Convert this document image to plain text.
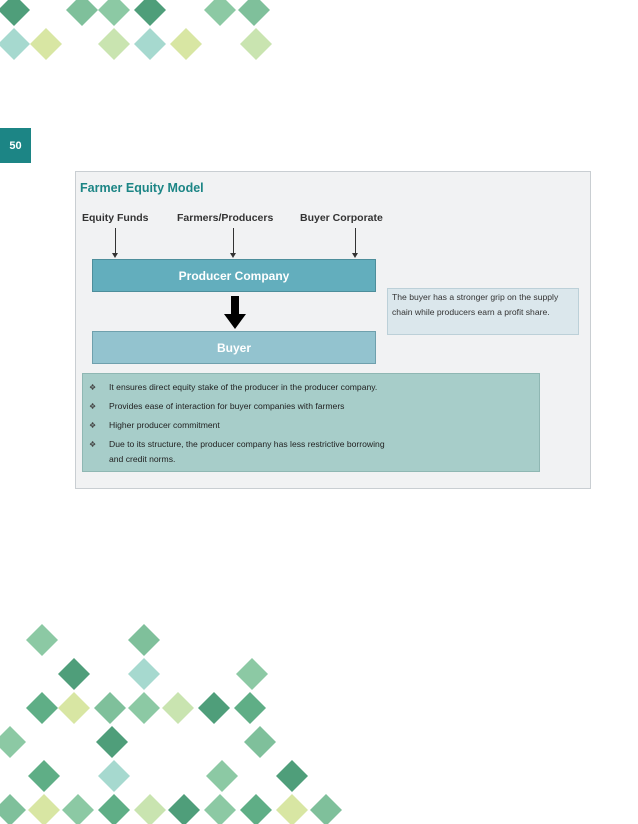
50
Farmer Equity Model
Equity Funds	Farmers/Producers	Buyer Corporate
Producer Company
Buyer
The buyer has a stronger grip on the supply chain while producers earn a profit share.
❖	It ensures direct equity stake of the producer in the producer company.
❖	Provides ease of interaction for buyer companies with farmers
❖	Higher producer commitment
❖	Due to its structure, the producer company has less restrictive borrowing and credit norms.
